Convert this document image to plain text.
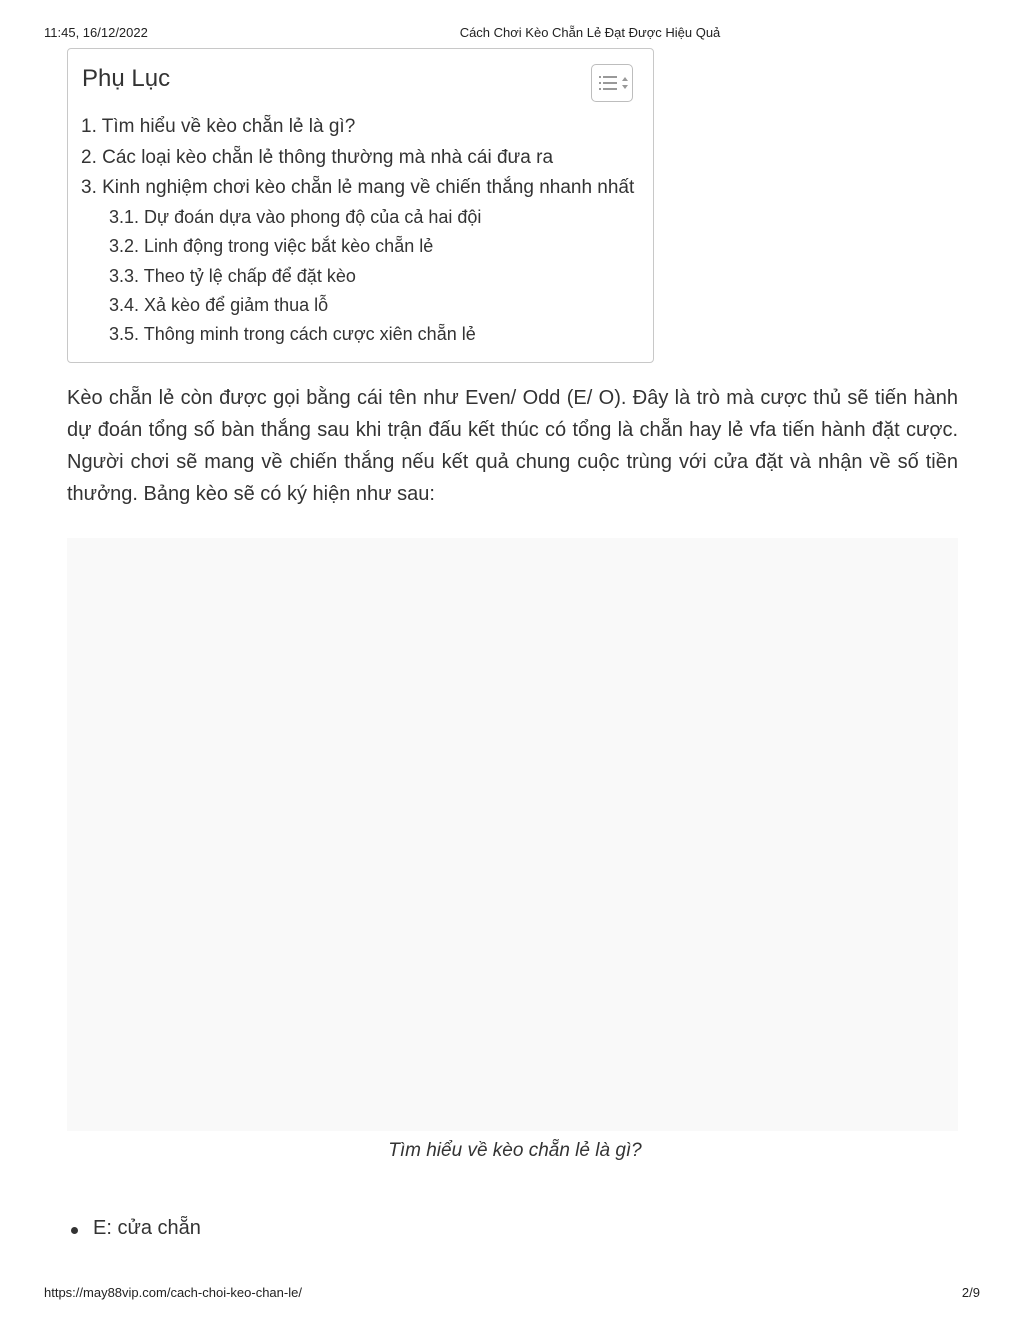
11:45, 16/12/2022	Cách Chơi Kèo Chẵn Lẻ Đạt Được Hiệu Quả
Phụ Lục
1. Tìm hiểu về kèo chẵn lẻ là gì?
2. Các loại kèo chẵn lẻ thông thường mà nhà cái đưa ra
3. Kinh nghiệm chơi kèo chẵn lẻ mang về chiến thắng nhanh nhất
3.1. Dự đoán dựa vào phong độ của cả hai đội
3.2. Linh động trong việc bắt kèo chẵn lẻ
3.3. Theo tỷ lệ chấp để đặt kèo
3.4. Xả kèo để giảm thua lỗ
3.5. Thông minh trong cách cược xiên chẵn lẻ

Kèo chẵn lẻ còn được gọi bằng cái tên như Even/ Odd (E/ O). Đây là trò mà cược thủ sẽ tiến hành dự đoán tổng số bàn thắng sau khi trận đấu kết thúc có tổng là chẵn hay lẻ vfa tiến hành đặt cược. Người chơi sẽ mang về chiến thắng nếu kết quả chung cuộc trùng với cửa đặt và nhận về số tiền thưởng. Bảng kèo sẽ có ký hiện như sau:

Tìm hiểu về kèo chẵn lẻ là gì?
E: cửa chẵn
https://may88vip.com/cach-choi-keo-chan-le/	2/9
